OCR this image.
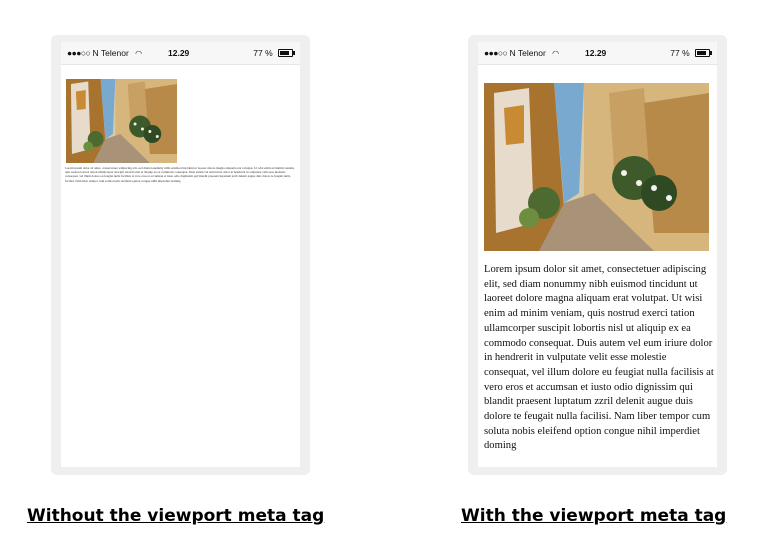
●●●○○ N Telenor ◠	12.29	77 %
Lorem ipsum dolor sit amet, consectetuer adipiscing elit, sed diam nonummy nibh euismod tincidunt ut laoreet dolore magna aliquam erat volutpat. Ut wisi enim ad minim veniam, quis nostrud exerci tation ullamcorper suscipit lobortis nisl ut aliquip ex ea commodo consequat. Duis autem vel eum iriure dolor in hendrerit in vulputate velit esse molestie consequat, vel illum dolore eu feugiat nulla facilisis at vero eros et accumsan et iusto odio dignissim qui blandit praesent luptatum zzril delenit augue duis dolore te feugait nulla facilisi. Nam liber tempor cum soluta nobis eleifend option congue nihil imperdiet doming
●●●○○ N Telenor ◠	12.29	77 %
Lorem ipsum dolor sit amet, consectetuer adipiscing elit, sed diam nonummy nibh euismod tincidunt ut laoreet dolore magna aliquam erat volutpat. Ut wisi enim ad minim veniam, quis nostrud exerci tation ullamcorper suscipit lobortis nisl ut aliquip ex ea commodo consequat. Duis autem vel eum iriure dolor in hendrerit in vulputate velit esse molestie consequat, vel illum dolore eu feugiat nulla facilisis at vero eros et accumsan et iusto odio dignissim qui blandit praesent luptatum zzril delenit augue duis dolore te feugait nulla facilisi. Nam liber tempor cum soluta nobis eleifend option congue nihil imperdiet doming
Without the viewport meta tag	With the viewport meta tag
